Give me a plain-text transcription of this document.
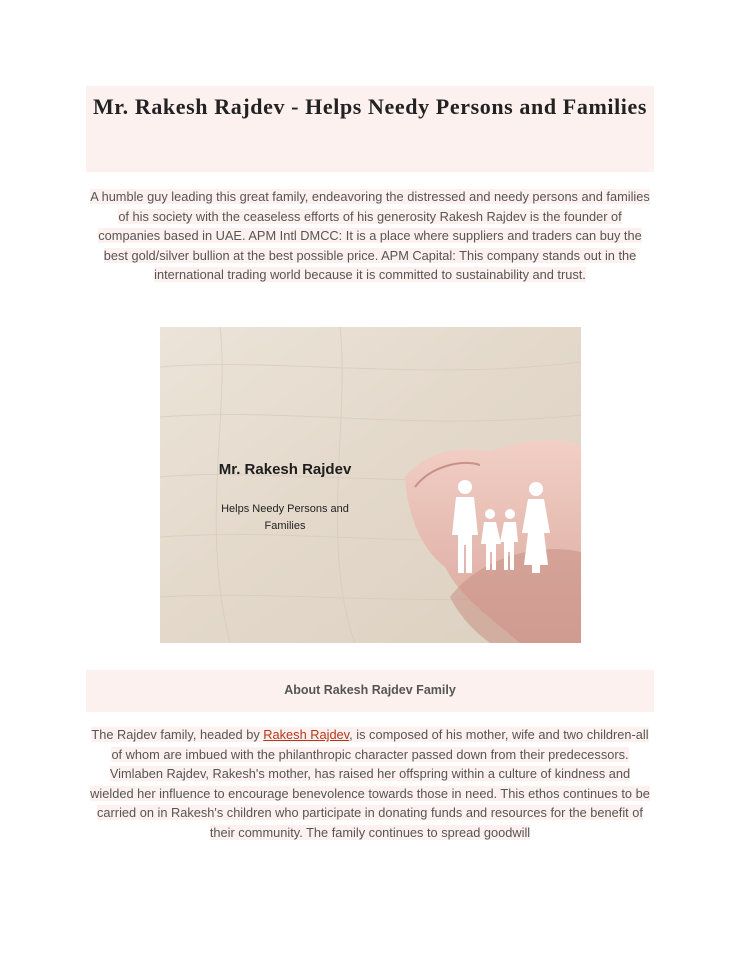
Mr. Rakesh Rajdev - Helps Needy Persons and Families

A humble guy leading this great family, endeavoring the distressed and needy persons and families of his society with the ceaseless efforts of his generosity Rakesh Rajdev is the founder of companies based in UAE. APM Intl DMCC: It is a place where suppliers and traders can buy the best gold/silver bullion at the best possible price. APM Capital: This company stands out in the international trading world because it is committed to sustainability and trust.

Mr. Rakesh Rajdev
Helps Needy Persons and Families
About Rakesh Rajdev Family

The Rajdev family, headed by Rakesh Rajdev, is composed of his mother, wife and two children-all of whom are imbued with the philanthropic character passed down from their predecessors. Vimlaben Rajdev, Rakesh's mother, has raised her offspring within a culture of kindness and wielded her influence to encourage benevolence towards those in need. This ethos continues to be carried on in Rakesh's children who participate in donating funds and resources for the benefit of their community. The family continues to spread goodwill
